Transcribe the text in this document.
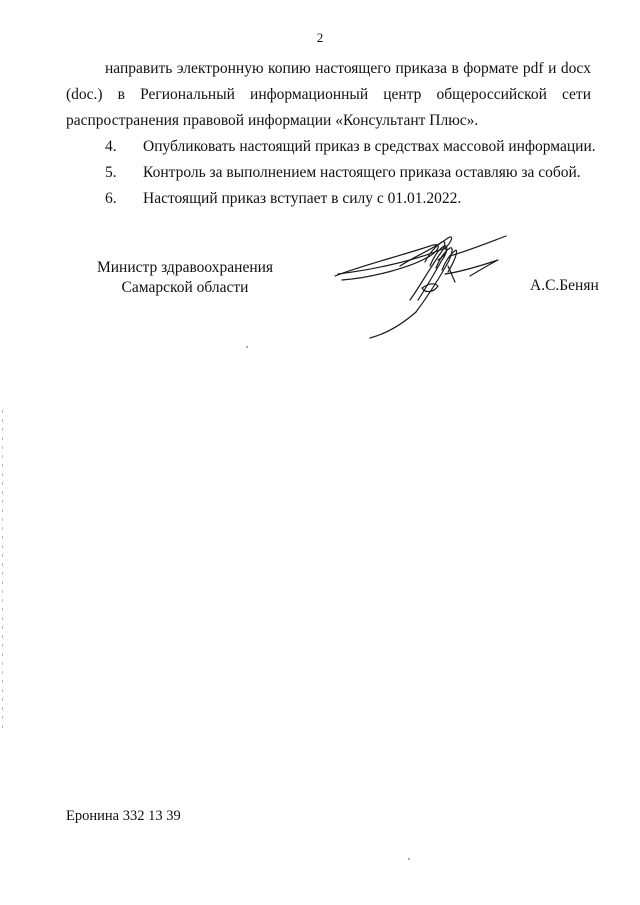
2
направить электронную копию настоящего приказа в формате pdf и docx
(doc.) в Региональный информационный центр общероссийской сети
распространения правовой информации «Консультант Плюс».
4. Опубликовать настоящий приказ в средствах массовой информации.
5. Контроль за выполнением настоящего приказа оставляю за собой.
6. Настоящий приказ вступает в силу с 01.01.2022.
Министр здравоохранения
Самарской области	А.С.Бенян
Еронина 332 13 39
